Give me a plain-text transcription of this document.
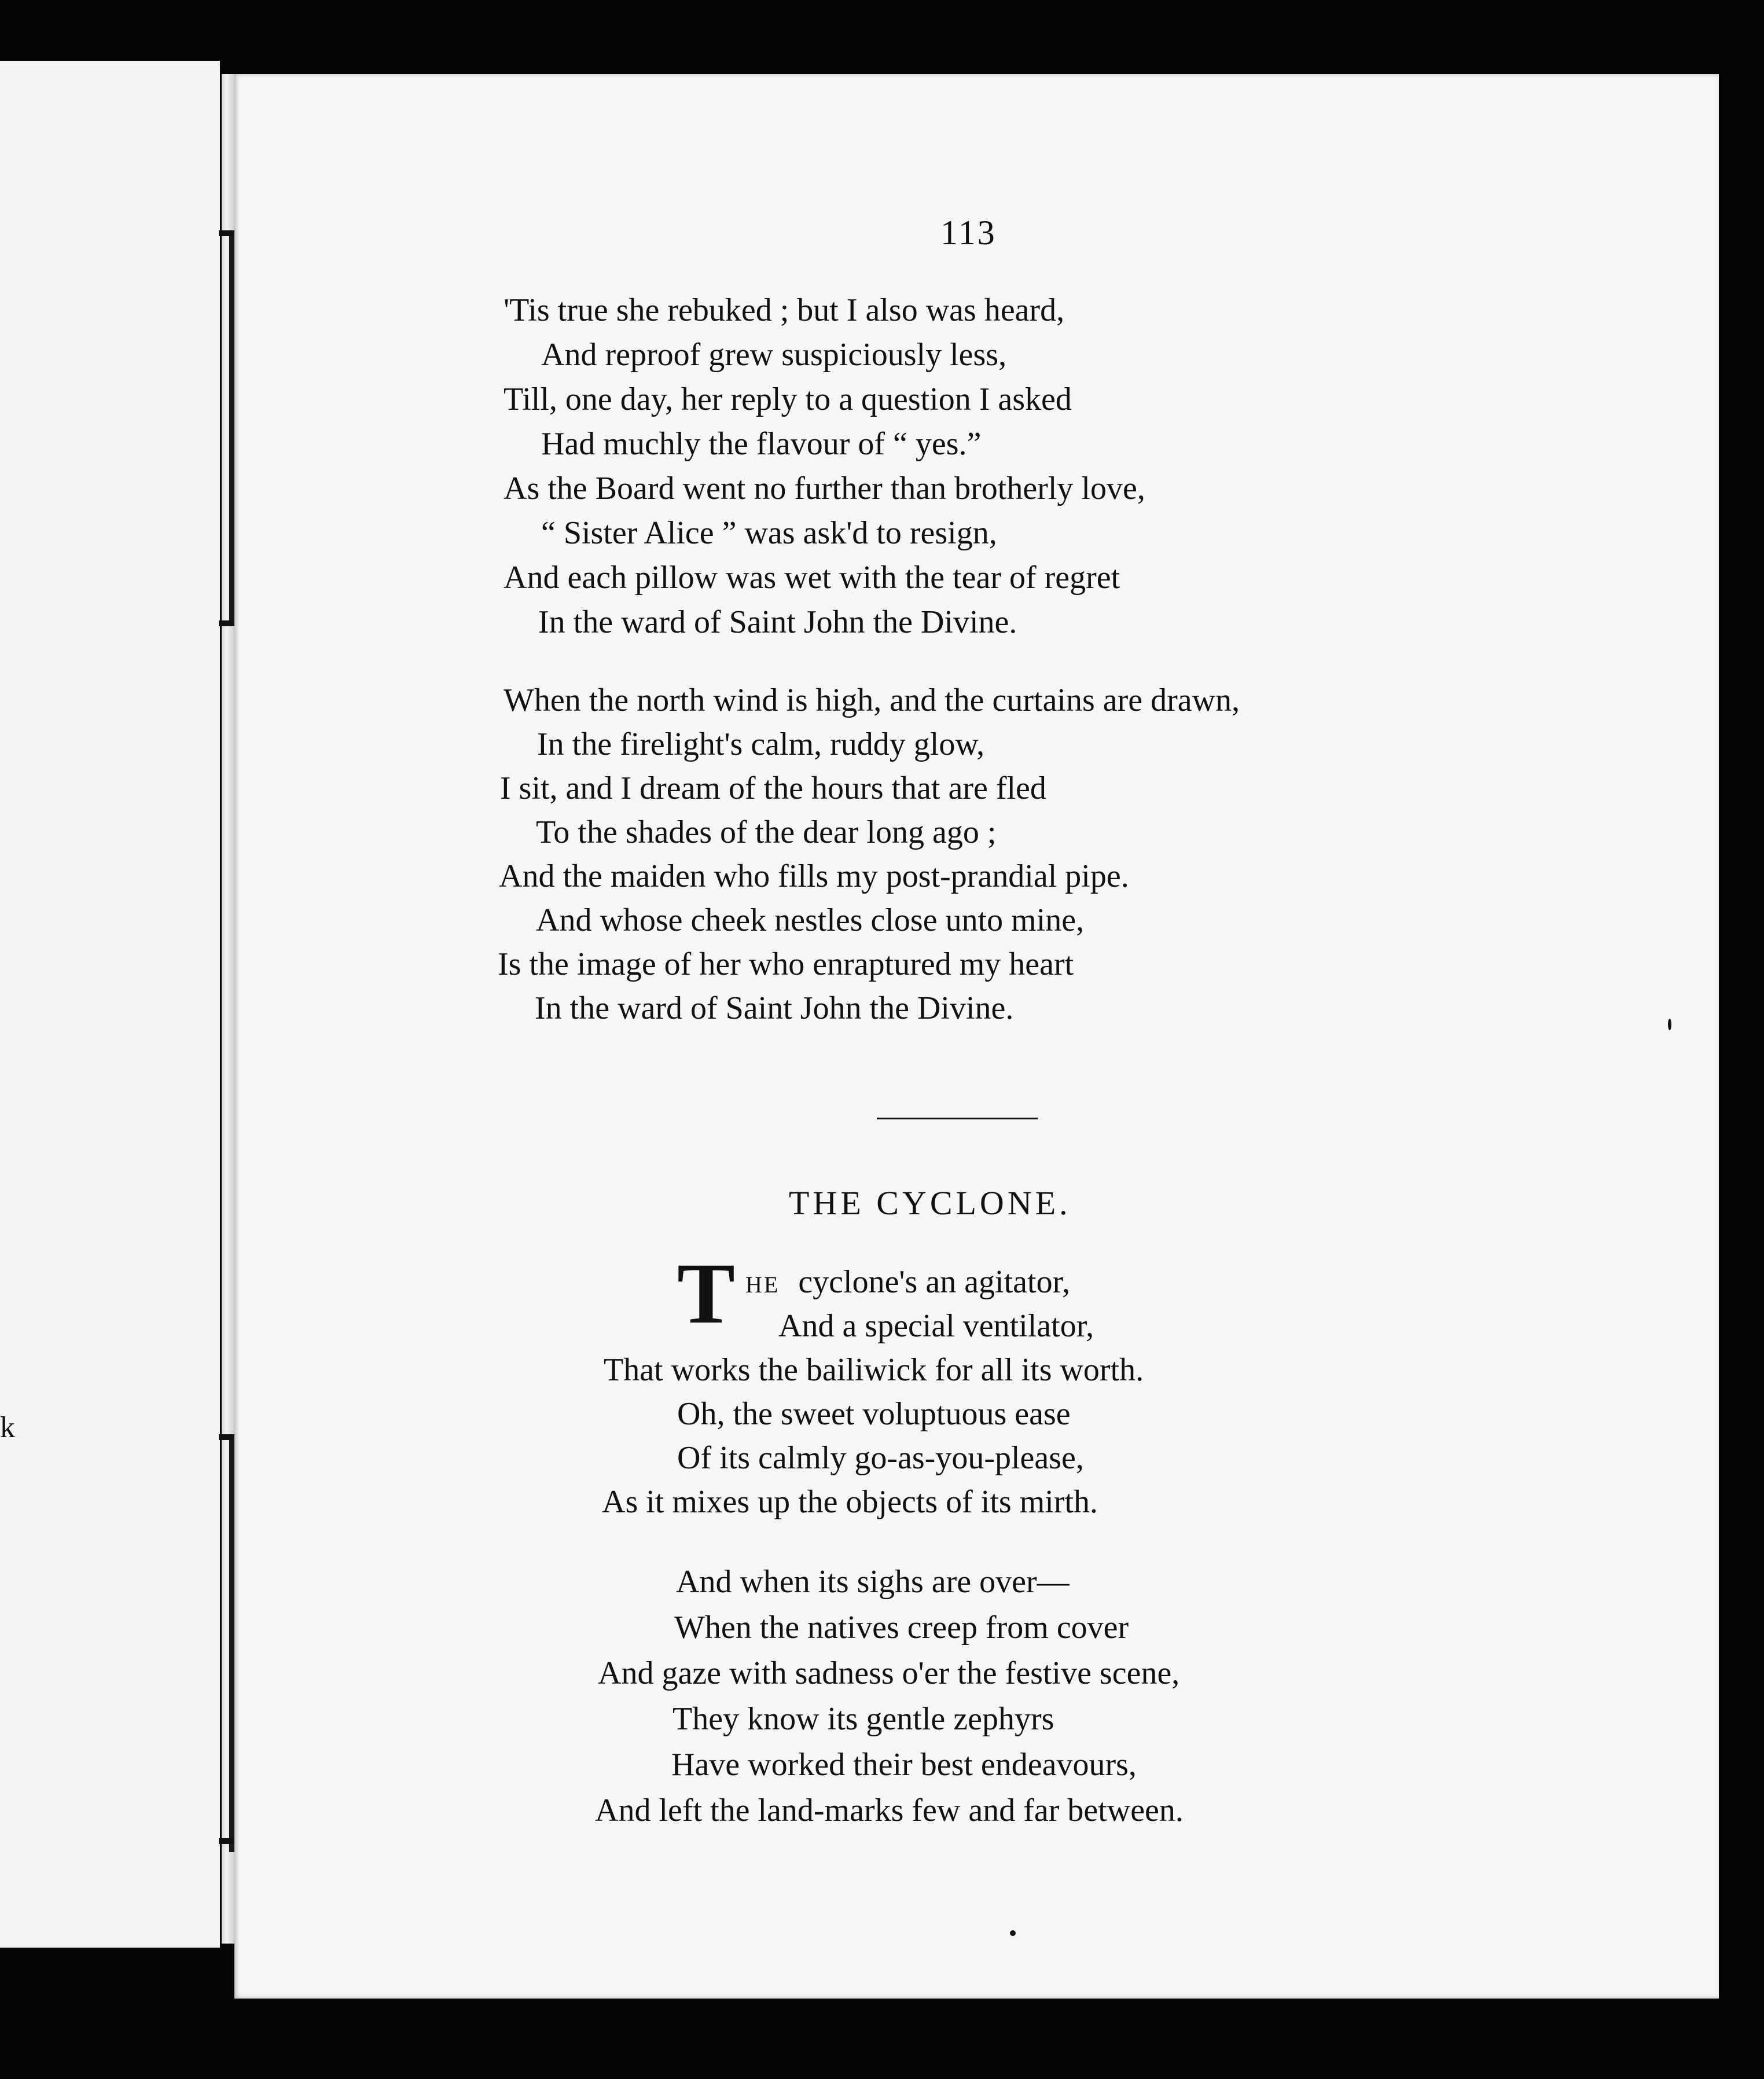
k
113
'Tis true she rebuked ; but I also was heard,
And reproof grew suspiciously less,
Till, one day, her reply to a question I asked
Had muchly the flavour of “ yes.”
As the Board went no further than brotherly love,
“ Sister Alice ” was ask'd to resign,
And each pillow was wet with the tear of regret
In the ward of Saint John the Divine.
When the north wind is high, and the curtains are drawn,
In the firelight's calm, ruddy glow,
I sit, and I dream of the hours that are fled
To the shades of the dear long ago ;
And the maiden who fills my post-prandial pipe.
And whose cheek nestles close unto mine,
Is the image of her who enraptured my heart
In the ward of Saint John the Divine.
THE CYCLONE.
T HE cyclone's an agitator,
And a special ventilator,
That works the bailiwick for all its worth.
Oh, the sweet voluptuous ease
Of its calmly go-as-you-please,
As it mixes up the objects of its mirth.
And when its sighs are over—
When the natives creep from cover
And gaze with sadness o'er the festive scene,
They know its gentle zephyrs
Have worked their best endeavours,
And left the land-marks few and far between.
